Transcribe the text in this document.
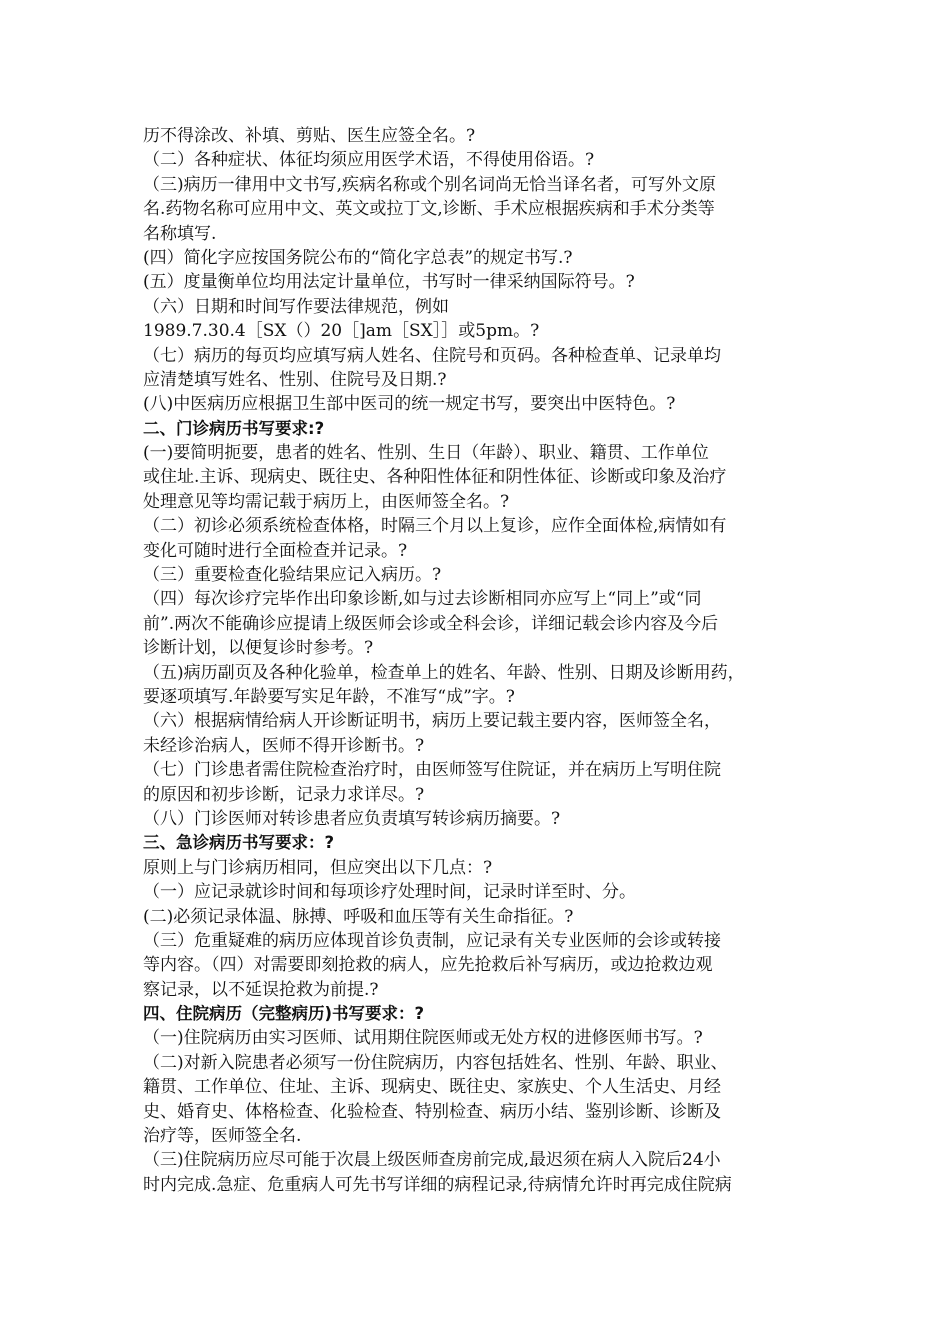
历不得涂改、补填、剪贴、医生应签全名。?
（二）各种症状、体征均须应用医学术语，不得使用俗语。?
（三)病历一律用中文书写,疾病名称或个别名词尚无恰当译名者，可写外文原
名.药物名称可应用中文、英文或拉丁文,诊断、手术应根据疾病和手术分类等
名称填写.
(四）简化字应按国务院公布的“简化字总表”的规定书写.?
(五）度量衡单位均用法定计量单位，书写时一律采纳国际符号。?
（六）日期和时间写作要法律规范，例如
1989.7.30.4［SX（）20［]am［SX］］或5pm。?
（七）病历的每页均应填写病人姓名、住院号和页码。各种检查单、记录单均
应清楚填写姓名、性别、住院号及日期.?
(八)中医病历应根据卫生部中医司的统一规定书写，要突出中医特色。?
二、门诊病历书写要求:?
(一)要简明扼要，患者的姓名、性别、生日（年龄）、职业、籍贯、工作单位
或住址.主诉、现病史、既往史、各种阳性体征和阴性体征、诊断或印象及治疗
处理意见等均需记载于病历上，由医师签全名。?
（二）初诊必须系统检查体格，时隔三个月以上复诊，应作全面体检,病情如有
变化可随时进行全面检查并记录。?
（三）重要检查化验结果应记入病历。?
（四）每次诊疗完毕作出印象诊断,如与过去诊断相同亦应写上“同上”或“同
前”.两次不能确诊应提请上级医师会诊或全科会诊，详细记载会诊内容及今后
诊断计划，以便复诊时参考。?
（五)病历副页及各种化验单，检查单上的姓名、年龄、性别、日期及诊断用药，
要逐项填写.年龄要写实足年龄，不准写“成”字。?
（六）根据病情给病人开诊断证明书，病历上要记载主要内容，医师签全名，
未经诊治病人，医师不得开诊断书。?
（七）门诊患者需住院检查治疗时，由医师签写住院证，并在病历上写明住院
的原因和初步诊断，记录力求详尽。?
（八）门诊医师对转诊患者应负责填写转诊病历摘要。?
三、急诊病历书写要求：?
原则上与门诊病历相同，但应突出以下几点：?
（一）应记录就诊时间和每项诊疗处理时间，记录时详至时、分。
(二)必须记录体温、脉搏、呼吸和血压等有关生命指征。?
（三）危重疑难的病历应体现首诊负责制，应记录有关专业医师的会诊或转接
等内容。（四）对需要即刻抢救的病人，应先抢救后补写病历，或边抢救边观
察记录，以不延误抢救为前提.?
四、住院病历（完整病历)书写要求：?
（一)住院病历由实习医师、试用期住院医师或无处方权的进修医师书写。?
（二)对新入院患者必须写一份住院病历，内容包括姓名、性别、年龄、职业、
籍贯、工作单位、住址、主诉、现病史、既往史、家族史、个人生活史、月经
史、婚育史、体格检查、化验检查、特别检查、病历小结、鉴别诊断、诊断及
治疗等，医师签全名.
（三)住院病历应尽可能于次晨上级医师查房前完成,最迟须在病人入院后24小
时内完成.急症、危重病人可先书写详细的病程记录,待病情允许时再完成住院病
